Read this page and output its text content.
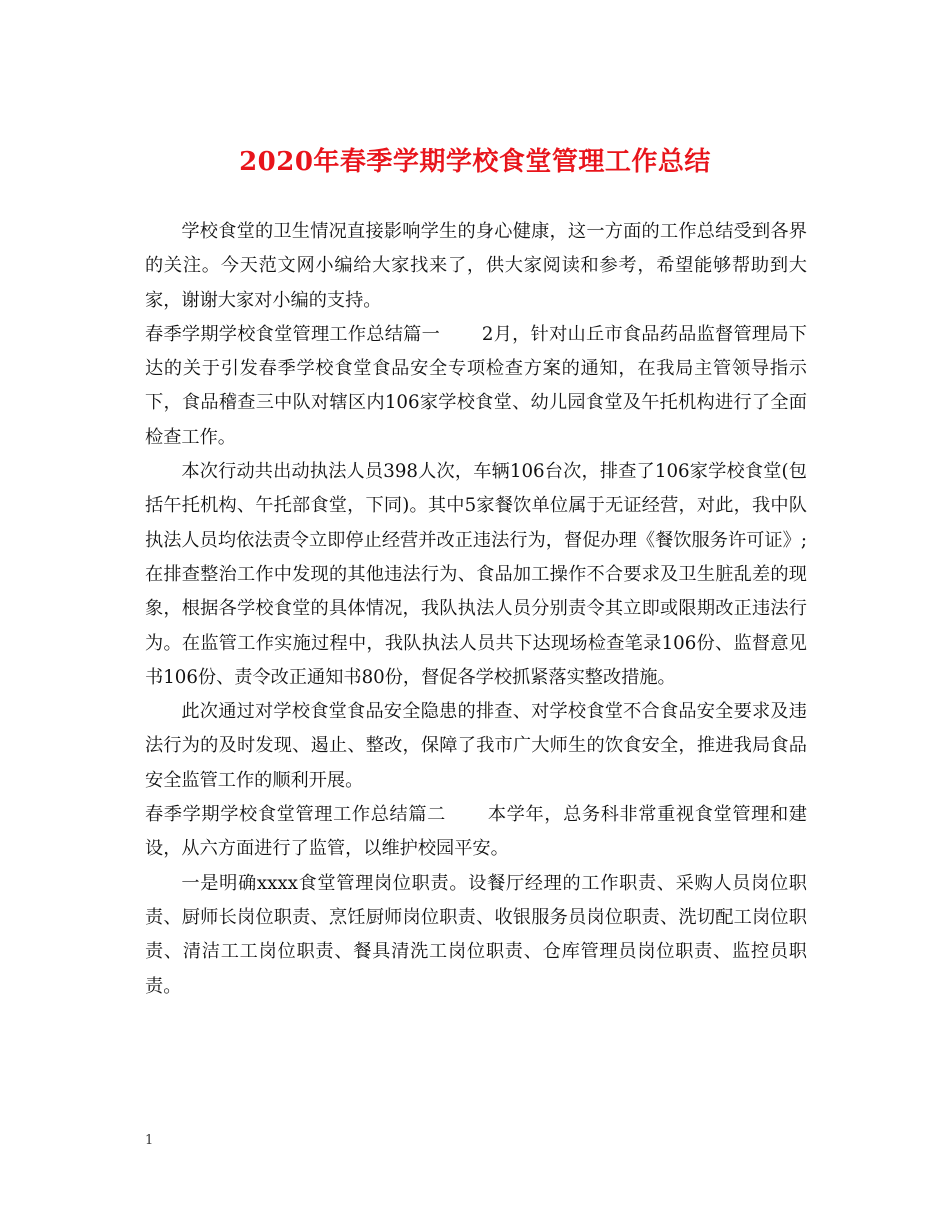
2020年春季学期学校食堂管理工作总结

学校食堂的卫生情况直接影响学生的身心健康，这一方面的工作总结受到各界的关注。今天范文网小编给大家找来了，供大家阅读和参考，希望能够帮助到大家，谢谢大家对小编的支持。

春季学期学校食堂管理工作总结篇一 2月，针对山丘市食品药品监督管理局下达的关于引发春季学校食堂食品安全专项检查方案的通知，在我局主管领导指示下，食品稽查三中队对辖区内106家学校食堂、幼儿园食堂及午托机构进行了全面检查工作。

本次行动共出动执法人员398人次，车辆106台次，排查了106家学校食堂(包括午托机构、午托部食堂，下同)。其中5家餐饮单位属于无证经营，对此，我中队执法人员均依法责令立即停止经营并改正违法行为，督促办理《餐饮服务许可证》;在排查整治工作中发现的其他违法行为、食品加工操作不合要求及卫生脏乱差的现象，根据各学校食堂的具体情况，我队执法人员分别责令其立即或限期改正违法行为。在监管工作实施过程中，我队执法人员共下达现场检查笔录106份、监督意见书106份、责令改正通知书80份，督促各学校抓紧落实整改措施。

此次通过对学校食堂食品安全隐患的排查、对学校食堂不合食品安全要求及违法行为的及时发现、遏止、整改，保障了我市广大师生的饮食安全，推进我局食品安全监管工作的顺利开展。

春季学期学校食堂管理工作总结篇二 本学年，总务科非常重视食堂管理和建设，从六方面进行了监管，以维护校园平安。

一是明确xxxx食堂管理岗位职责。设餐厅经理的工作职责、采购人员岗位职责、厨师长岗位职责、烹饪厨师岗位职责、收银服务员岗位职责、洗切配工岗位职责、清洁工工岗位职责、餐具清洗工岗位职责、仓库管理员岗位职责、监控员职责。

1
